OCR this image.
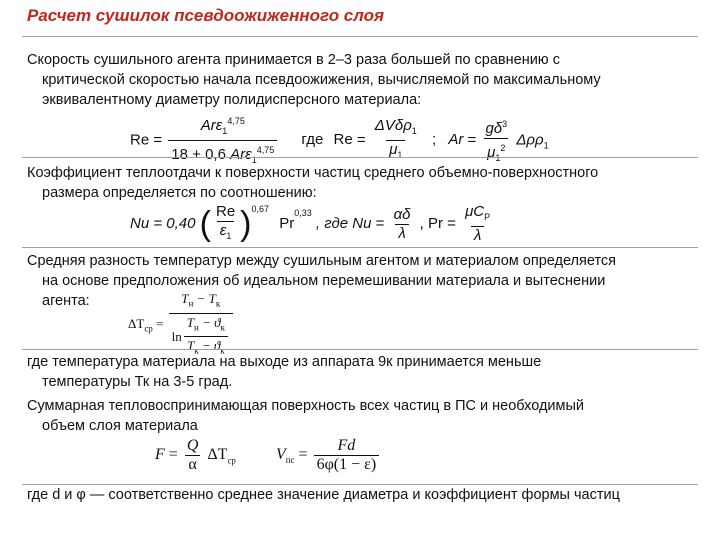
Расчет сушилок псевдоожиженного слоя
Скорость сушильного агента принимается в 2–3 раза большей по сравнению с
критической скоростью начала псевдоожижения, вычисляемой по максимальному
эквивалентному диаметру полидисперсного материала:
$Re = \frac{Ar\varepsilon_1^{4,75}}{18 + 0,6 Ar\varepsilon_1^{4,75}}$ где $Re = \frac{\Delta V\delta\rho_1}{\mu_1}$ ; $Ar = \frac{g\delta^3}{\mu_1^2} \Delta\rho\rho_1$
Коэффициент теплоотдачи к поверхности частиц среднего объемно-поверхностного
размера определяется по соотношению:
Nu = 0,40 ( $\frac{Re}{\varepsilon_1} )^{0,67}$ Pr$^{0,33}$ , где $Nu = \frac{\alpha\delta}{\lambda}$ , $Pr = \frac{\mu C_P}{\lambda}$
Средняя разность температур между сушильным агентом и материалом определяется
на основе предположения об идеальном перемешивании материала и вытеснении
агента:
$\Delta T_{ср} = \frac{T_н - T_к}{\ln \frac{T_н - ϑ_к}{T_к - ϑ_к}}$
где температура материала на выходе из аппарата 9к принимается меньше
температуры Тк на 3-5 град.
Суммарная тепловоспринимающая поверхность всех частиц в ПС и необходимый
объем слоя материала
$F = \frac{Q}{\alpha} \Delta T_{ср}$	$V_{пс} = \frac{Fd}{6\varphi(1 - \varepsilon)}$
где d и φ — соответственно среднее значение диаметра и коэффициент формы частиц
